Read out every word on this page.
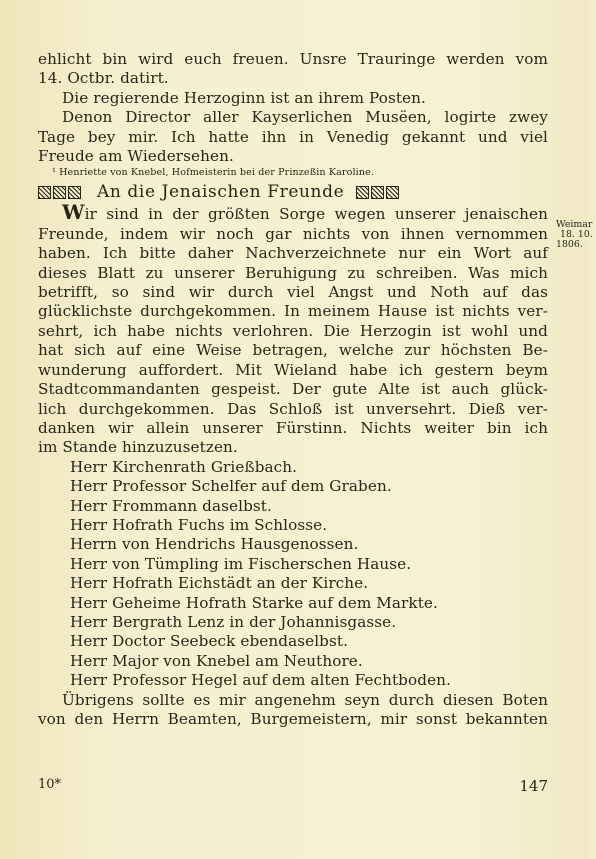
ehlicht bin wird euch freuen. Unsre Trauringe werden vom
14. Octbr. datirt.
Die regierende Herzoginn ist an ihrem Posten.
Denon Director aller Kayserlichen Musëen, logirte zwey
Tage bey mir. Ich hatte ihn in Venedig gekannt und viel
Freude am Wiedersehen.
¹ Henriette von Knebel, Hofmeisterin bei der Prinzeßin Karoline.
An die Jenaischen Freunde
Wir sind in der größten Sorge wegen unserer jenaischen
Freunde, indem wir noch gar nichts von ihnen vernommen
haben. Ich bitte daher Nachverzeichnete nur ein Wort auf
dieses Blatt zu unserer Beruhigung zu schreiben. Was mich
betrifft, so sind wir durch viel Angst und Noth auf das
glücklichste durchgekommen. In meinem Hause ist nichts ver-
sehrt, ich habe nichts verlohren. Die Herzogin ist wohl und
hat sich auf eine Weise betragen, welche zur höchsten Be-
wunderung auffordert. Mit Wieland habe ich gestern beym
Stadtcommandanten gespeist. Der gute Alte ist auch glück-
lich durchgekommen. Das Schloß ist unversehrt. Dieß ver-
danken wir allein unserer Fürstinn. Nichts weiter bin ich
im Stande hinzuzusetzen.
Herr Kirchenrath Grießbach.
Herr Professor Schelfer auf dem Graben.
Herr Frommann daselbst.
Herr Hofrath Fuchs im Schlosse.
Herrn von Hendrichs Hausgenossen.
Herr von Tümpling im Fischerschen Hause.
Herr Hofrath Eichstädt an der Kirche.
Herr Geheime Hofrath Starke auf dem Markte.
Herr Bergrath Lenz in der Johannisgasse.
Herr Doctor Seebeck ebendaselbst.
Herr Major von Knebel am Neuthore.
Herr Professor Hegel auf dem alten Fechtboden.
Übrigens sollte es mir angenehm seyn durch diesen Boten
von den Herrn Beamten, Burgemeistern, mir sonst bekannten
Weimar
18. 10.
1806.
10*	147
